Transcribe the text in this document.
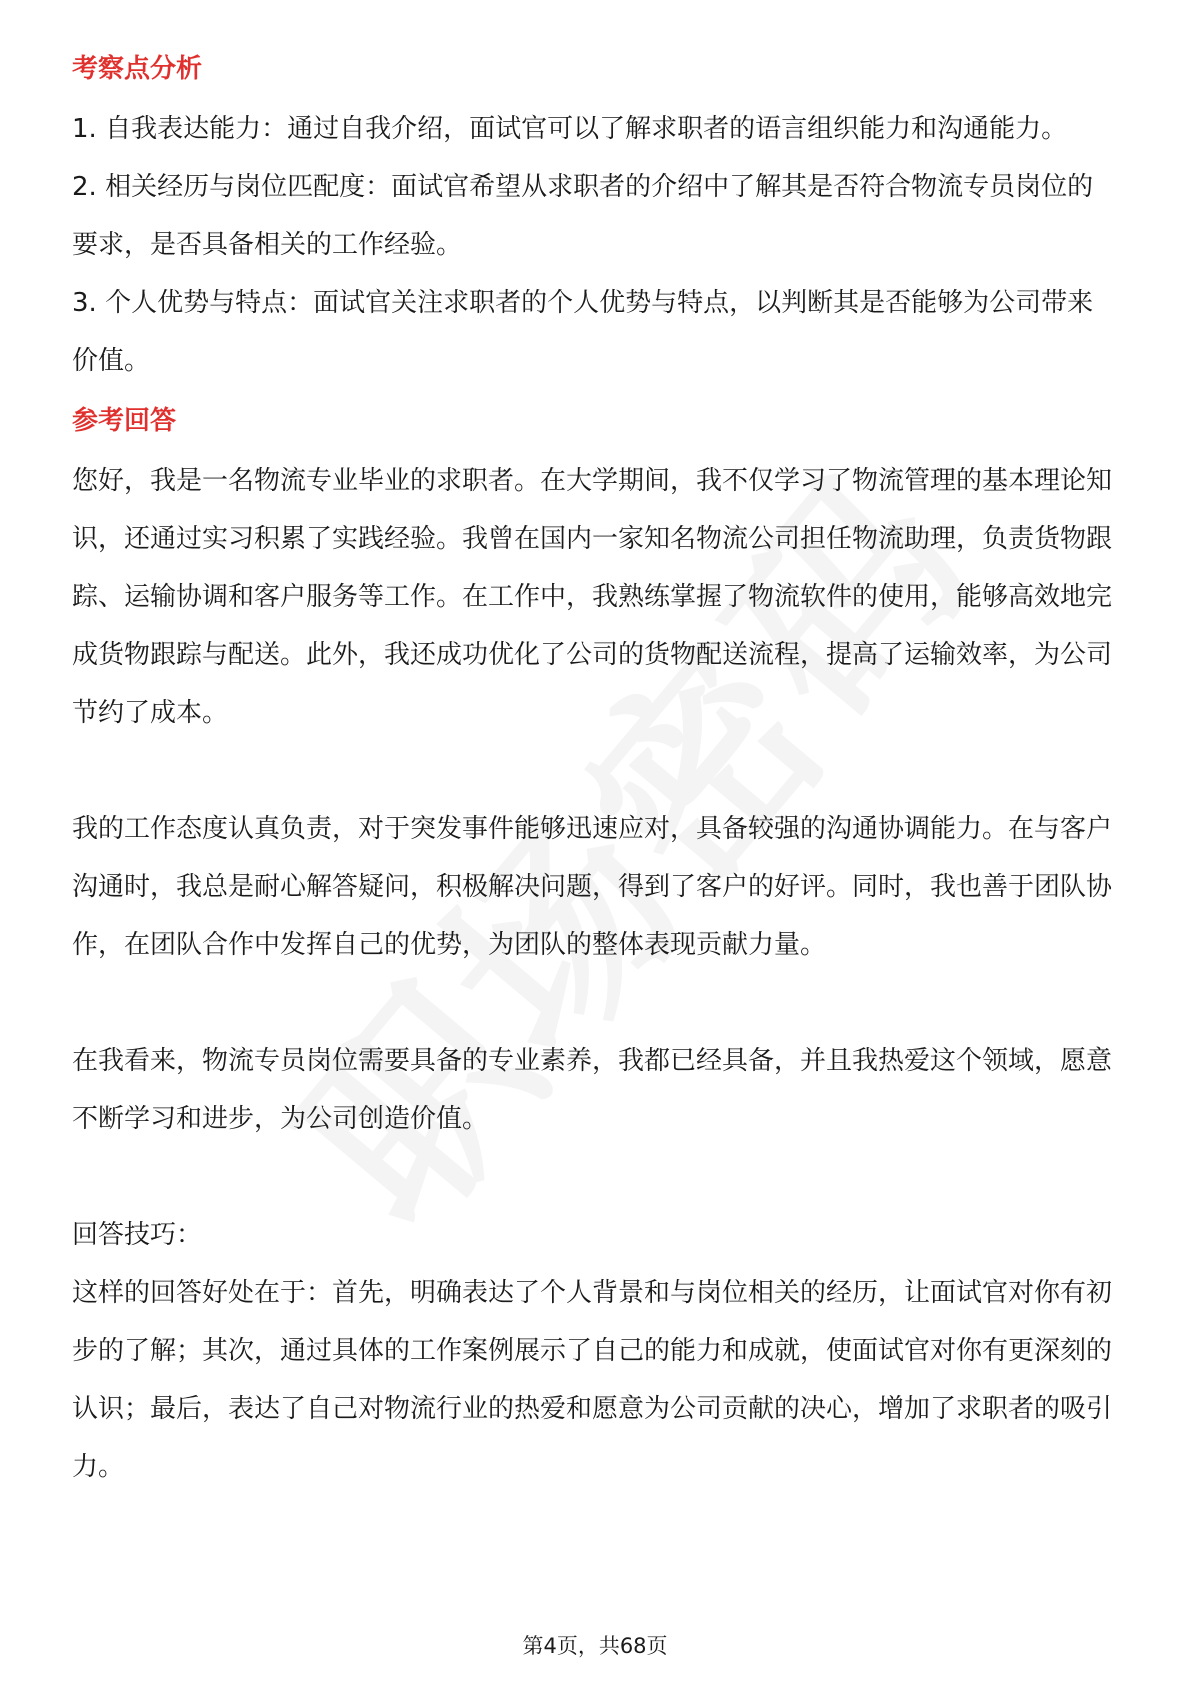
考察点分析

1. 自我表达能力：通过自我介绍，面试官可以了解求职者的语言组织能力和沟通能力。

2. 相关经历与岗位匹配度：面试官希望从求职者的介绍中了解其是否符合物流专员岗位的要求，是否具备相关的工作经验。

3. 个人优势与特点：面试官关注求职者的个人优势与特点，以判断其是否能够为公司带来价值。

参考回答

您好，我是一名物流专业毕业的求职者。在大学期间，我不仅学习了物流管理的基本理论知识，还通过实习积累了实践经验。我曾在国内一家知名物流公司担任物流助理，负责货物跟踪、运输协调和客户服务等工作。在工作中，我熟练掌握了物流软件的使用，能够高效地完成货物跟踪与配送。此外，我还成功优化了公司的货物配送流程，提高了运输效率，为公司节约了成本。

我的工作态度认真负责，对于突发事件能够迅速应对，具备较强的沟通协调能力。在与客户沟通时，我总是耐心解答疑问，积极解决问题，得到了客户的好评。同时，我也善于团队协作，在团队合作中发挥自己的优势，为团队的整体表现贡献力量。

在我看来，物流专员岗位需要具备的专业素养，我都已经具备，并且我热爱这个领域，愿意不断学习和进步，为公司创造价值。

回答技巧：

这样的回答好处在于：首先，明确表达了个人背景和与岗位相关的经历，让面试官对你有初步的了解；其次，通过具体的工作案例展示了自己的能力和成就，使面试官对你有更深刻的认识；最后，表达了自己对物流行业的热爱和愿意为公司贡献的决心，增加了求职者的吸引力。

第4页，共68页
